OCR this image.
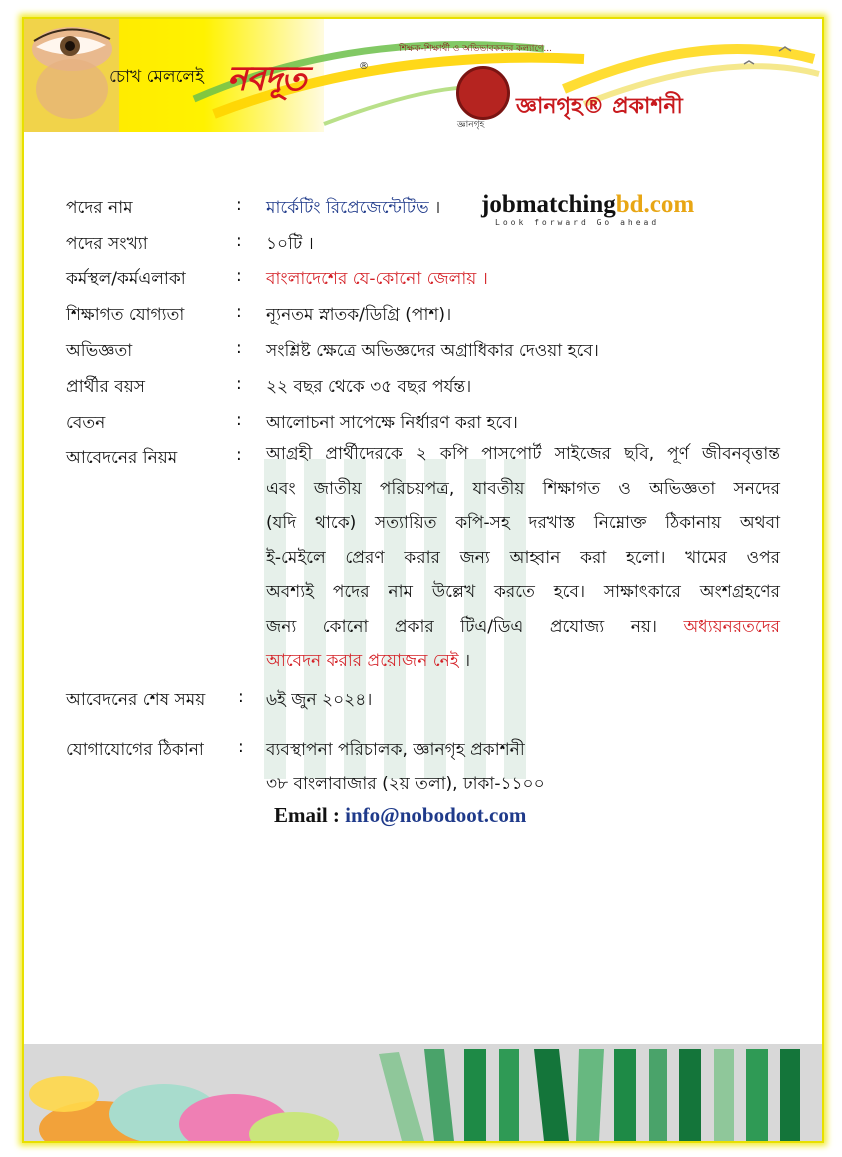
শিক্ষক-শিক্ষার্থী ও অভিভাবকদের কল্যাণে...
চোখ মেললেই নবদূত	®
জ্ঞানগৃহ
জ্ঞানগৃহ® প্রকাশনী
jobmatchingbd.com
Look forward Go ahead
পদের নাম	: মার্কেটিং রিপ্রেজেন্টেটিভ ।
পদের সংখ্যা	: ১০টি ।
কর্মস্থল/কর্মএলাকা	: বাংলাদেশের যে-কোনো জেলায় ।
শিক্ষাগত যোগ্যতা	: ন্যূনতম স্নাতক/ডিগ্রি (পাশ)।
অভিজ্ঞতা	: সংশ্লিষ্ট ক্ষেত্রে অভিজ্ঞদের অগ্রাধিকার দেওয়া হবে।
প্রার্থীর বয়স	: ২২ বছর থেকে ৩৫ বছর পর্যন্ত।
বেতন	: আলোচনা সাপেক্ষে নির্ধারণ করা হবে।
আবেদনের নিয়ম	: আগ্রহী প্রার্থীদেরকে ২ কপি পাসপোর্ট সাইজের ছবি, পূর্ণ জীবনবৃত্তান্ত
এবং জাতীয় পরিচয়পত্র, যাবতীয় শিক্ষাগত ও অভিজ্ঞতা সনদের
(যদি থাকে) সত্যায়িত কপি-সহ দরখাস্ত নিম্নোক্ত ঠিকানায় অথবা
ই-মেইলে প্রেরণ করার জন্য আহ্বান করা হলো। খামের ওপর
অবশ্যই পদের নাম উল্লেখ করতে হবে। সাক্ষাৎকারে অংশগ্রহণের
জন্য কোনো প্রকার টিএ/ডিএ প্রযোজ্য নয়। অধ্যয়নরতদের
আবেদন করার প্রয়োজন নেই ।
আবেদনের শেষ সময় : ৬ই জুন ২০২৪।
যোগাযোগের ঠিকানা : ব্যবস্থাপনা পরিচালক, জ্ঞানগৃহ প্রকাশনী
৩৮ বাংলাবাজার (২য় তলা), ঢাকা-১১০০
Email : info@nobodoot.com
